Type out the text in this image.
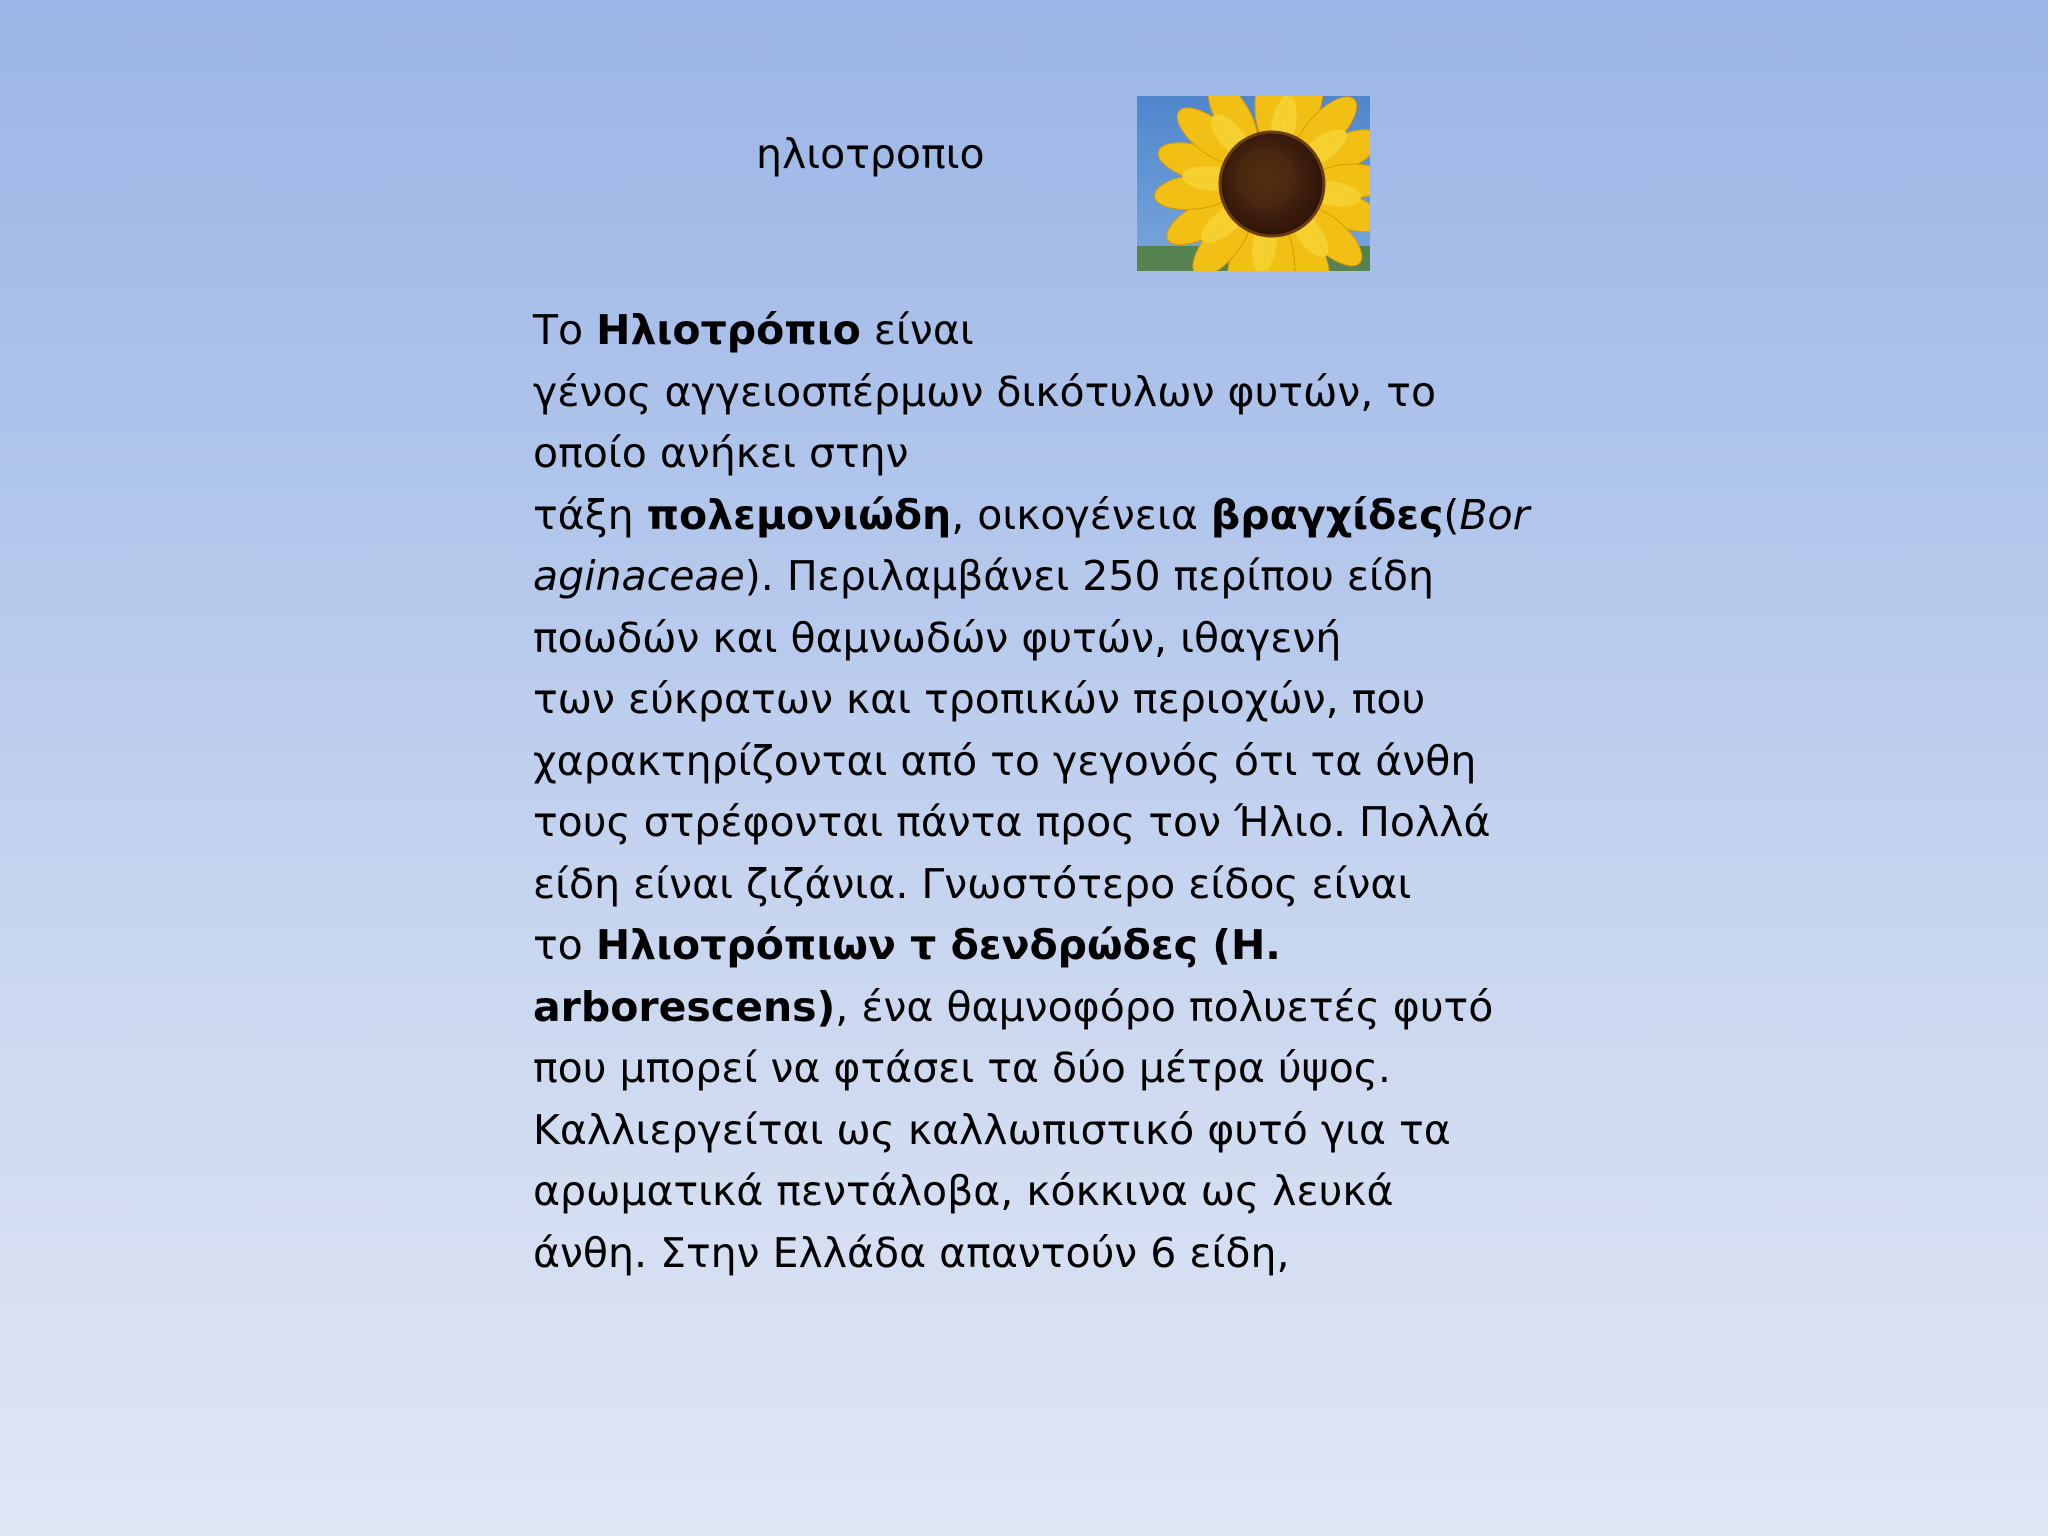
ηλιοτροπιο
Το Ηλιοτρόπιο είναι
γένος αγγειοσπέρμων δικότυλων φυτών, το
οποίο ανήκει στην
τάξη πολεμονιώδη, οικογένεια βραγχίδες(Bor
aginaceae). Περιλαμβάνει 250 περίπου είδη
ποωδών και θαμνωδών φυτών, ιθαγενή
των εύκρατων και τροπικών περιοχών, που
χαρακτηρίζονται από το γεγονός ότι τα άνθη
τους στρέφονται πάντα προς τον Ήλιο. Πολλά
είδη είναι ζιζάνια. Γνωστότερο είδος είναι
το Ηλιοτρόπιων τ δενδρώδες (Η.
arborescens), ένα θαμνοφόρο πολυετές φυτό
που μπορεί να φτάσει τα δύο μέτρα ύψος.
Καλλιεργείται ως καλλωπιστικό φυτό για τα
αρωματικά πεντάλοβα, κόκκινα ως λευκά
άνθη. Στην Ελλάδα απαντούν 6 είδη,
